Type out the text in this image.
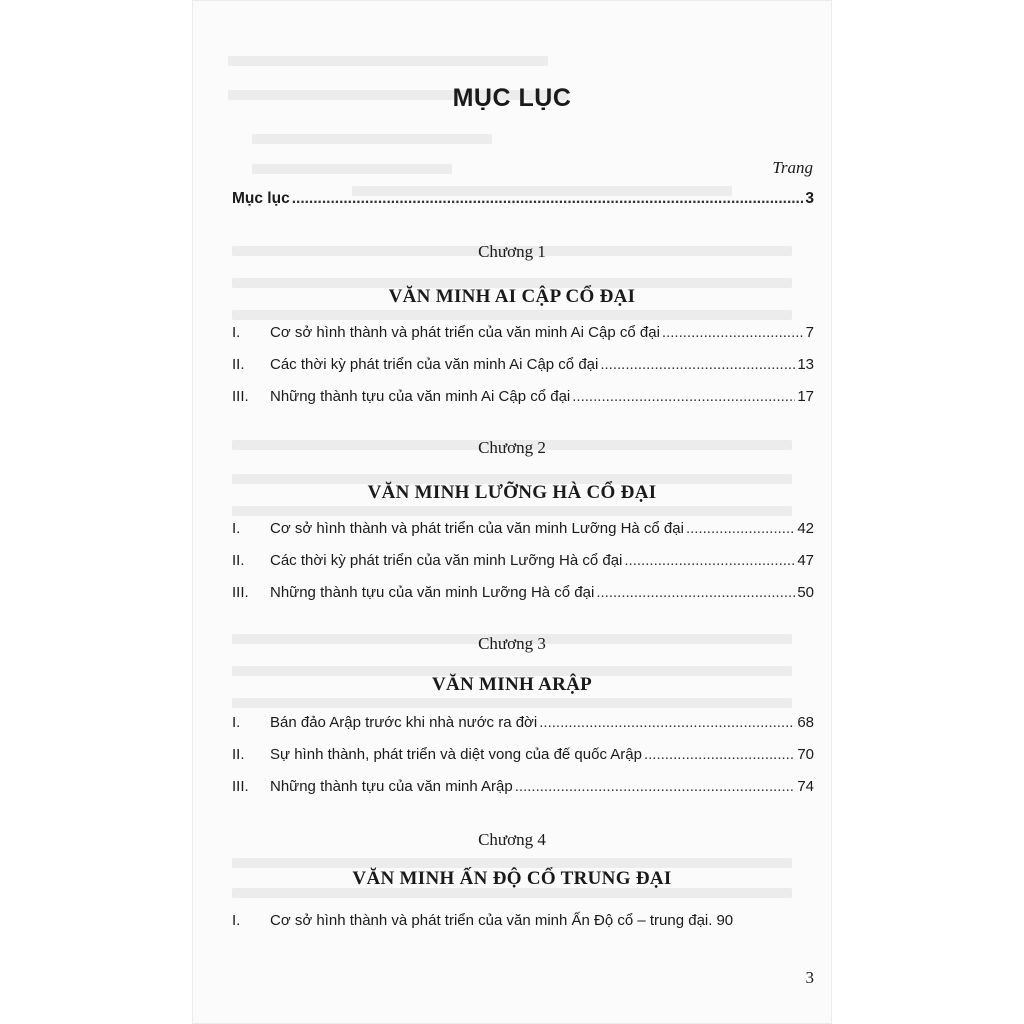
MỤC LỤC
Trang
Mục lục .....	3
Chương 1
VĂN MINH AI CẬP CỔ ĐẠI
I.	Cơ sở hình thành và phát triển của văn minh Ai Cập cổ đại .....	7
II.	Các thời kỳ phát triển của văn minh Ai Cập cổ đại .....	13
III.	Những thành tựu của văn minh Ai Cập cổ đại .....	17
Chương 2
VĂN MINH LƯỠNG HÀ CỔ ĐẠI
I.	Cơ sở hình thành và phát triển của văn minh Lưỡng Hà cổ đại .....	42
II.	Các thời kỳ phát triển của văn minh Lưỡng Hà cổ đại .....	47
III.	Những thành tựu của văn minh Lưỡng Hà cổ đại .....	50
Chương 3
VĂN MINH ARẬP
I.	Bán đảo Arập trước khi nhà nước ra đời .....	68
II.	Sự hình thành, phát triển và diệt vong của đế quốc Arập .....	70
III.	Những thành tựu của văn minh Arập .....	74
Chương 4
VĂN MINH ẤN ĐỘ CỔ TRUNG ĐẠI
I.	Cơ sở hình thành và phát triển của văn minh Ấn Độ cổ – trung đại. 90
3
